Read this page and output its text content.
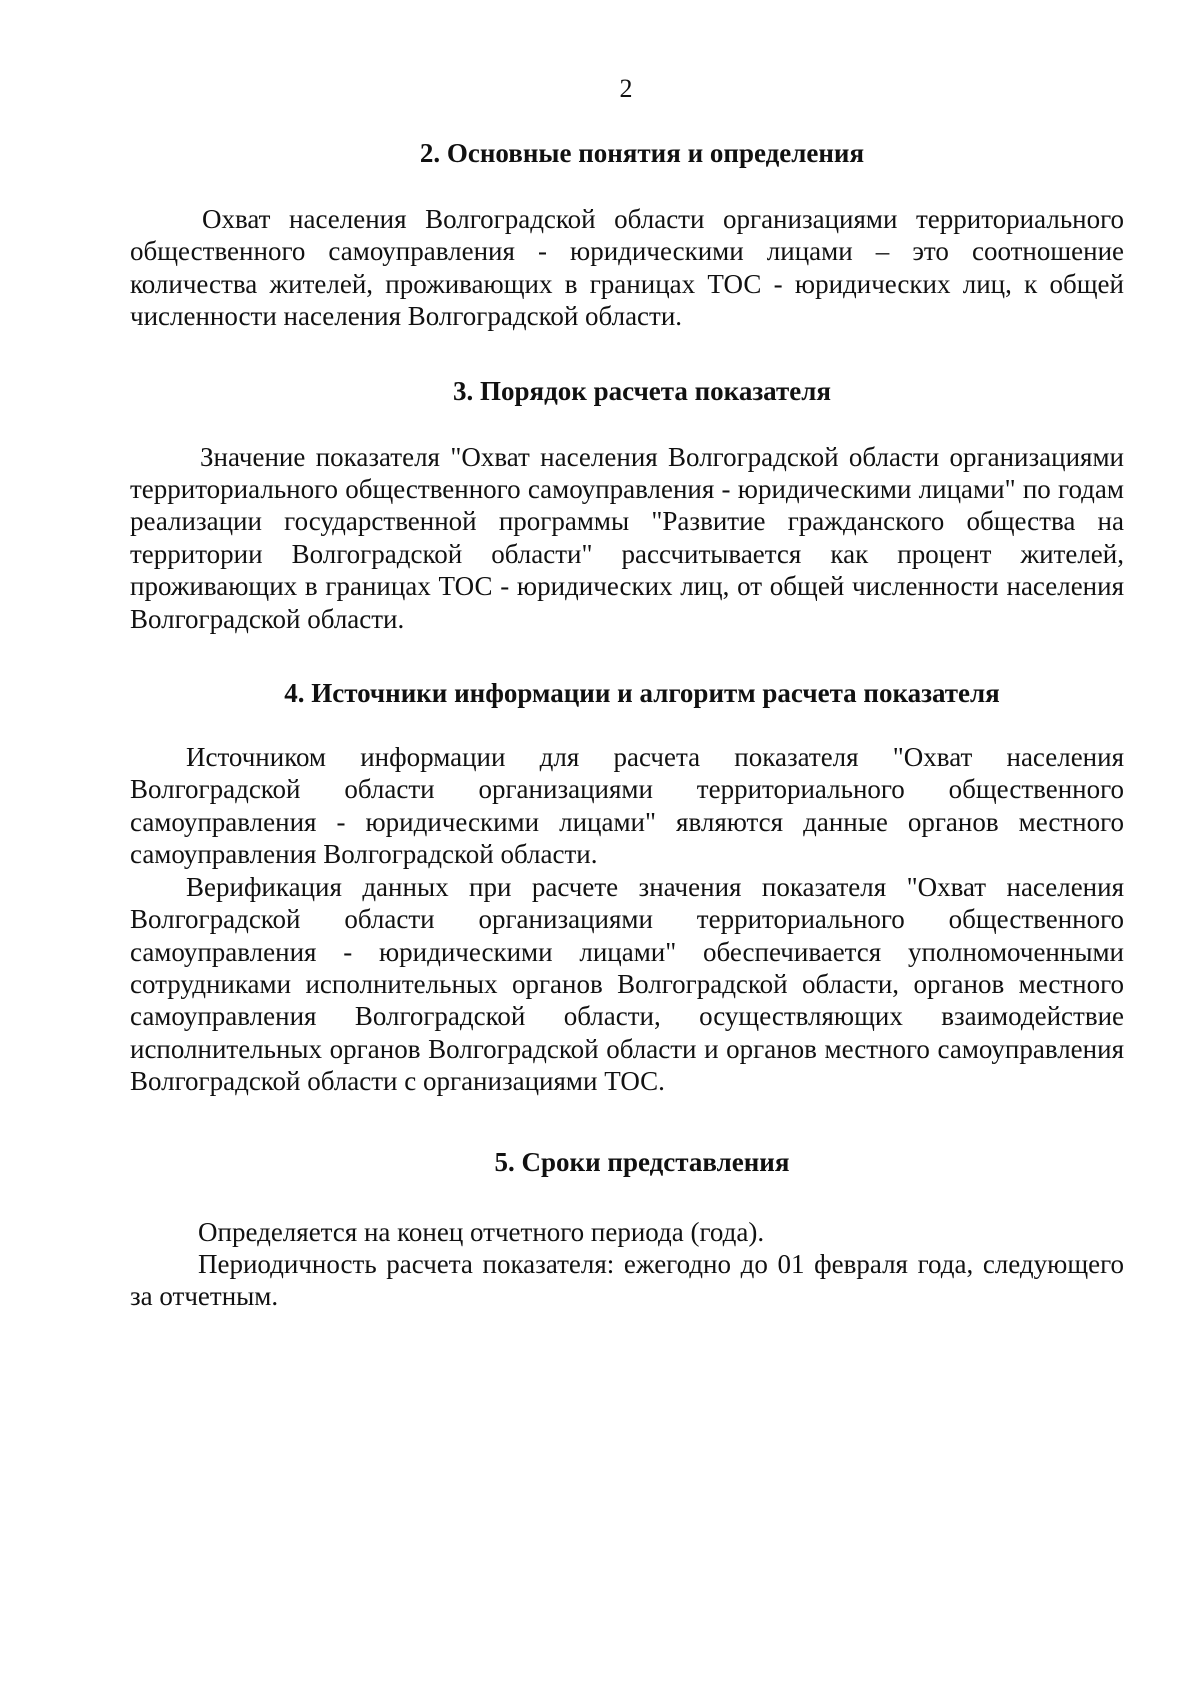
2
2. Основные понятия и определения

Охват населения Волгоградской области организациями территориального общественного самоуправления - юридическими лицами – это соотношение количества жителей, проживающих в границах ТОС - юридических лиц, к общей численности населения Волгоградской области.

3. Порядок расчета показателя

Значение показателя "Охват населения Волгоградской области организациями территориального общественного самоуправления - юридическими лицами" по годам реализации государственной программы "Развитие гражданского общества на территории Волгоградской области" рассчитывается как процент жителей, проживающих в границах ТОС - юридических лиц, от общей численности населения Волгоградской области.

4. Источники информации и алгоритм расчета показателя

Источником информации для расчета показателя "Охват населения Волгоградской области организациями территориального общественного самоуправления - юридическими лицами" являются данные органов местного самоуправления Волгоградской области.

Верификация данных при расчете значения показателя "Охват населения Волгоградской области организациями территориального общественного самоуправления - юридическими лицами" обеспечивается уполномоченными сотрудниками исполнительных органов Волгоградской области, органов местного самоуправления Волгоградской области, осуществляющих взаимодействие исполнительных органов Волгоградской области и органов местного самоуправления Волгоградской области с организациями ТОС.

5. Сроки представления

Определяется на конец отчетного периода (года).

Периодичность расчета показателя: ежегодно до 01 февраля года, следующего за отчетным.
